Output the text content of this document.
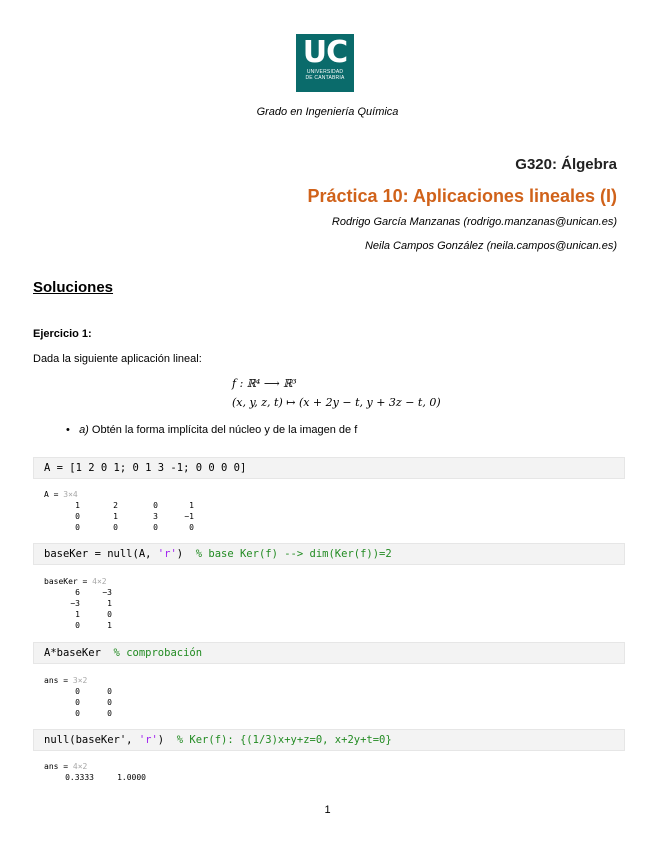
UC
UNIVERSIDAD
DE CANTABRIA
Grado en Ingeniería Química
G320: Álgebra
Práctica 10: Aplicaciones lineales (I)
Rodrigo García Manzanas (rodrigo.manzanas@unican.es)
Neila Campos González (neila.campos@unican.es)
Soluciones
Ejercicio 1:
Dada la siguiente aplicación lineal:
f : ℝ⁴ ⟶ ℝ³
(x, y, z, t) ↦ (x + 2y − t, y + 3z − t, 0)
• a) Obtén la forma implícita del núcleo y de la imagen de f
A = [1 2 0 1; 0 1 3 -1; 0 0 0 0]
A = 3×4
1	2	0	1
0	1	3	−1
0	0	0	0
baseKer = null(A, 'r')  % base Ker(f) --> dim(Ker(f))=2
baseKer = 4×2
6	−3
−3	1
1	0
0	1
A*baseKer  % comprobación
ans = 3×2
0	0
0	0
0	0
null(baseKer', 'r')  % Ker(f): {(1/3)x+y+z=0, x+2y+t=0}
ans = 4×2
0.3333	1.0000
1
